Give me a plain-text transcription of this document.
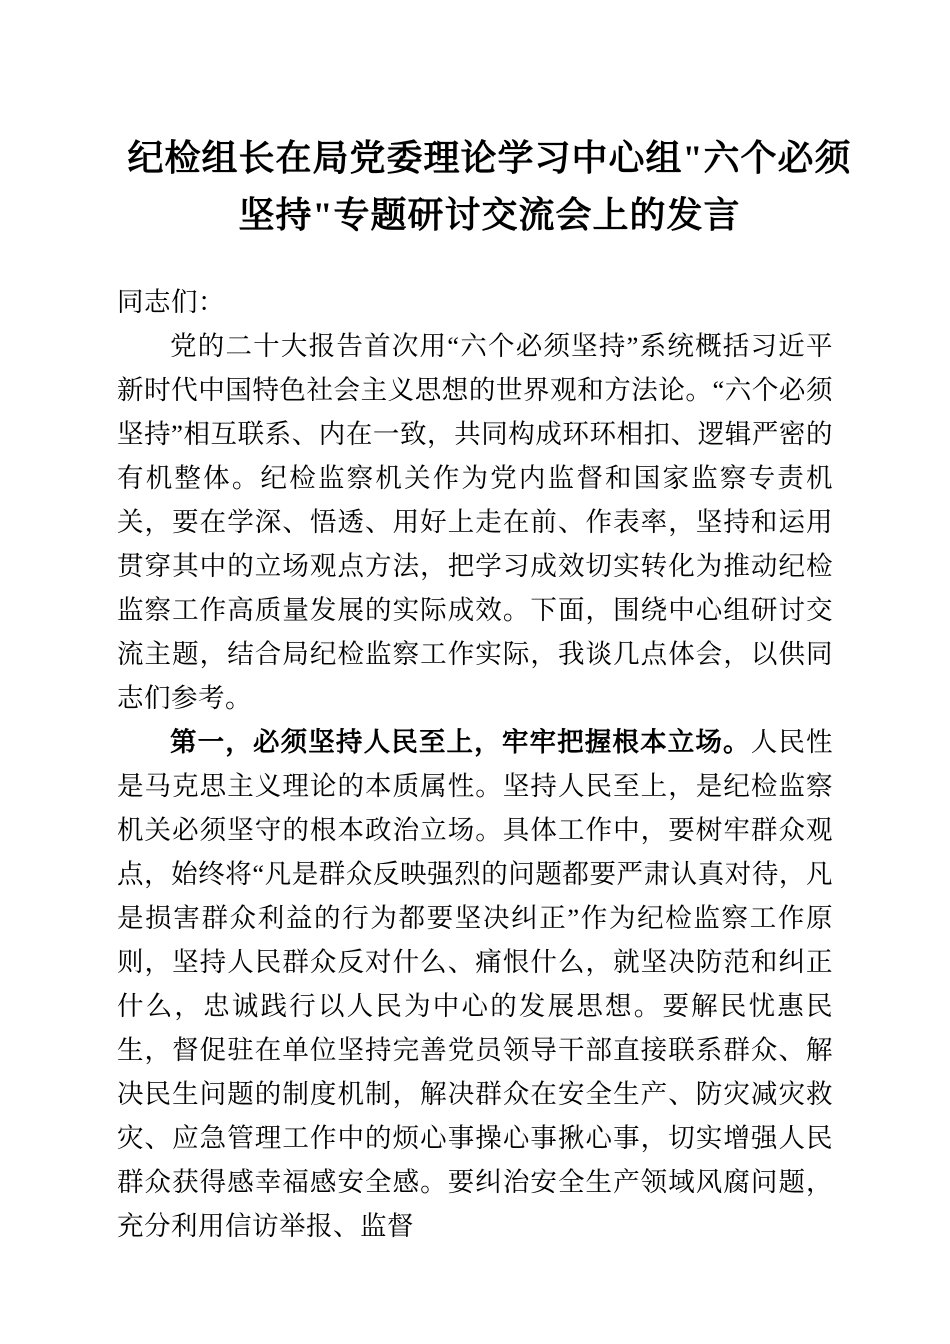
纪检组长在局党委理论学习中心组"六个必须坚持"专题研讨交流会上的发言

同志们：

党的二十大报告首次用“六个必须坚持”系统概括习近平新时代中国特色社会主义思想的世界观和方法论。“六个必须坚持”相互联系、内在一致，共同构成环环相扣、逻辑严密的有机整体。纪检监察机关作为党内监督和国家监察专责机关，要在学深、悟透、用好上走在前、作表率，坚持和运用贯穿其中的立场观点方法，把学习成效切实转化为推动纪检监察工作高质量发展的实际成效。下面，围绕中心组研讨交流主题，结合局纪检监察工作实际，我谈几点体会，以供同志们参考。

第一，必须坚持人民至上，牢牢把握根本立场。人民性是马克思主义理论的本质属性。坚持人民至上，是纪检监察机关必须坚守的根本政治立场。具体工作中，要树牢群众观点，始终将“凡是群众反映强烈的问题都要严肃认真对待，凡是损害群众利益的行为都要坚决纠正”作为纪检监察工作原则，坚持人民群众反对什么、痛恨什么，就坚决防范和纠正什么，忠诚践行以人民为中心的发展思想。要解民忧惠民生，督促驻在单位坚持完善党员领导干部直接联系群众、解决民生问题的制度机制，解决群众在安全生产、防灾减灾救灾、应急管理工作中的烦心事操心事揪心事，切实增强人民群众获得感幸福感安全感。要纠治安全生产领域风腐问题，充分利用信访举报、监督
